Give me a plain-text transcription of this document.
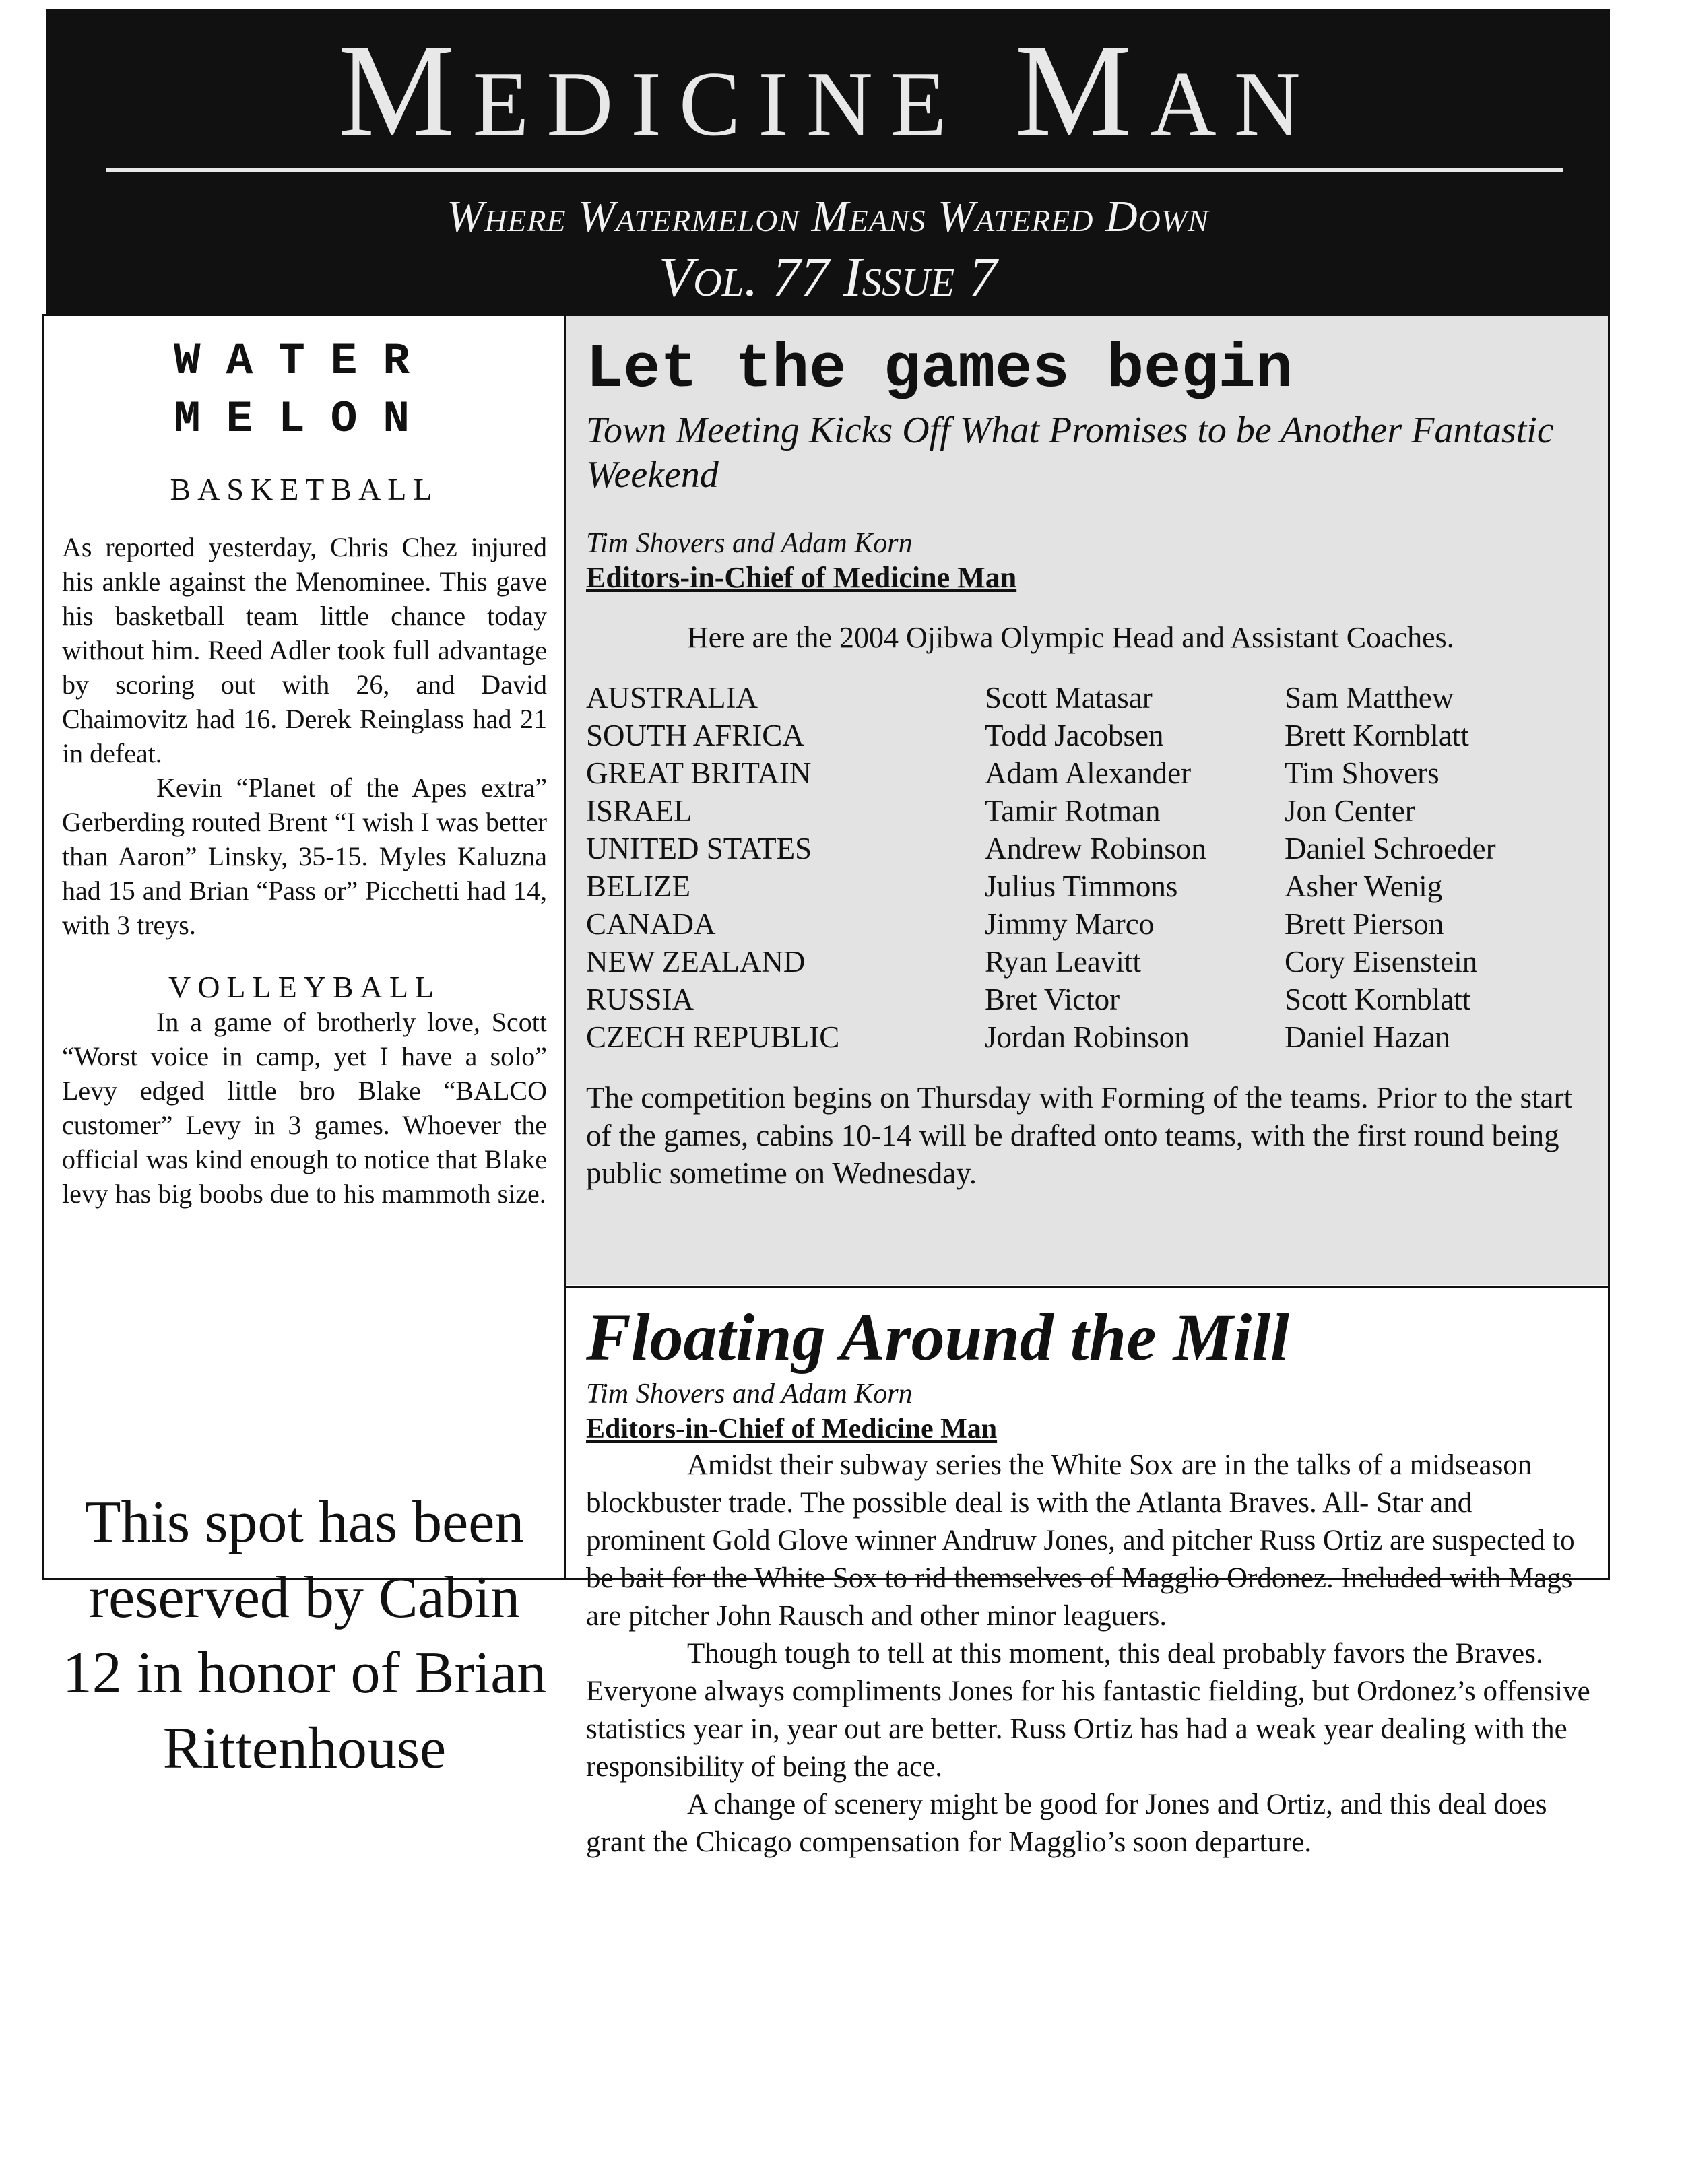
Medicine Man
Where Watermelon Means Watered Down
Vol. 77 Issue 7
WATER
MELON
BASKETBALL

As reported yesterday, Chris Chez injured his ankle against the Menominee. This gave his basketball team little chance today without him. Reed Adler took full advantage by scoring out with 26, and David Chaimovitz had 16. Derek Reinglass had 21 in defeat.

Kevin “Planet of the Apes extra” Gerberding routed Brent “I wish I was better than Aaron” Linsky, 35-15. Myles Kaluzna had 15 and Brian “Pass or” Picchetti had 14, with 3 treys.

VOLLEYBALL

In a game of brotherly love, Scott “Worst voice in camp, yet I have a solo” Levy edged little bro Blake “BALCO customer” Levy in 3 games. Whoever the official was kind enough to notice that Blake levy has big boobs due to his mammoth size.

This spot has been reserved by Cabin 12 in honor of Brian Rittenhouse
Let the games begin
Town Meeting Kicks Off What Promises to be Another Fantastic Weekend
Tim Shovers and Adam Korn
Editors-in-Chief of Medicine Man
Here are the 2004 Ojibwa Olympic Head and Assistant Coaches.
AUSTRALIA	Scott Matasar	Sam Matthew
SOUTH AFRICA	Todd Jacobsen	Brett Kornblatt
GREAT BRITAIN	Adam Alexander	Tim Shovers
ISRAEL	Tamir Rotman	Jon Center
UNITED STATES	Andrew Robinson	Daniel Schroeder
BELIZE	Julius Timmons	Asher Wenig
CANADA	Jimmy Marco	Brett Pierson
NEW ZEALAND	Ryan Leavitt	Cory Eisenstein
RUSSIA	Bret Victor	Scott Kornblatt
CZECH REPUBLIC	Jordan Robinson	Daniel Hazan
The competition begins on Thursday with Forming of the teams. Prior to the start of the games, cabins 10-14 will be drafted onto teams, with the first round being public sometime on Wednesday.
Floating Around the Mill
Tim Shovers and Adam Korn
Editors-in-Chief of Medicine Man

Amidst their subway series the White Sox are in the talks of a midseason blockbuster trade. The possible deal is with the Atlanta Braves. All- Star and prominent Gold Glove winner Andruw Jones, and pitcher Russ Ortiz are suspected to be bait for the White Sox to rid themselves of Magglio Ordonez. Included with Mags are pitcher John Rausch and other minor leaguers.

Though tough to tell at this moment, this deal probably favors the Braves. Everyone always compliments Jones for his fantastic fielding, but Ordonez’s offensive statistics year in, year out are better. Russ Ortiz has had a weak year dealing with the responsibility of being the ace.

A change of scenery might be good for Jones and Ortiz, and this deal does grant the Chicago compensation for Magglio’s soon departure.
